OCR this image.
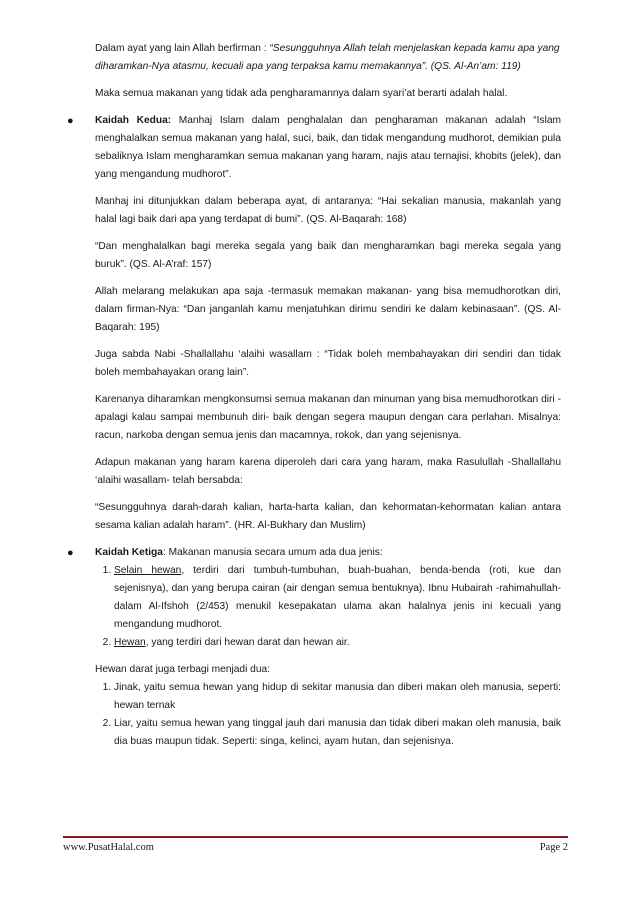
Dalam ayat yang lain Allah berfirman : “Sesungguhnya Allah telah menjelaskan kepada kamu apa yang diharamkan-Nya atasmu, kecuali apa yang terpaksa kamu memakannya”. (QS. Al-An’am: 119)

Maka semua makanan yang tidak ada pengharamannya dalam syari’at berarti adalah halal.

● Kaidah Kedua: Manhaj Islam dalam penghalalan dan pengharaman makanan adalah “Islam menghalalkan semua makanan yang halal, suci, baik, dan tidak mengandung mudhorot, demikian pula sebaliknya Islam mengharamkan semua makanan yang haram, najis atau ternajisi, khobits (jelek), dan yang mengandung mudhorot”.

Manhaj ini ditunjukkan dalam beberapa ayat, di antaranya: “Hai sekalian manusia, makanlah yang halal lagi baik dari apa yang terdapat di bumi”. (QS. Al-Baqarah: 168)

“Dan menghalalkan bagi mereka segala yang baik dan mengharamkan bagi mereka segala yang buruk”. (QS. Al-A’raf: 157)

Allah melarang melakukan apa saja -termasuk memakan makanan- yang bisa memudhorotkan diri, dalam firman-Nya: “Dan janganlah kamu menjatuhkan dirimu sendiri ke dalam kebinasaan”. (QS. Al-Baqarah: 195)

Juga sabda Nabi -Shallallahu ‘alaihi wasallam : “Tidak boleh membahayakan diri sendiri dan tidak boleh membahayakan orang lain”.

Karenanya diharamkan mengkonsumsi semua makanan dan minuman yang bisa memudhorotkan diri -apalagi kalau sampai membunuh diri- baik dengan segera maupun dengan cara perlahan. Misalnya: racun, narkoba dengan semua jenis dan macamnya, rokok, dan yang sejenisnya.

Adapun makanan yang haram karena diperoleh dari cara yang haram, maka Rasulullah -Shallallahu ‘alaihi wasallam- telah bersabda:

“Sesungguhnya darah-darah kalian, harta-harta kalian, dan kehormatan-kehormatan kalian antara sesama kalian adalah haram”. (HR. Al-Bukhary dan Muslim)

● Kaidah Ketiga: Makanan manusia secara umum ada dua jenis:
1. Selain hewan, terdiri dari tumbuh-tumbuhan, buah-buahan, benda-benda (roti, kue dan sejenisnya), dan yang berupa cairan (air dengan semua bentuknya). Ibnu Hubairah -rahimahullah- dalam Al-Ifshoh (2/453) menukil kesepakatan ulama akan halalnya jenis ini kecuali yang mengandung mudhorot.
2. Hewan, yang terdiri dari hewan darat dan hewan air.

Hewan darat juga terbagi menjadi dua:

1. Jinak, yaitu semua hewan yang hidup di sekitar manusia dan diberi makan oleh manusia, seperti: hewan ternak
2. Liar, yaitu semua hewan yang tinggal jauh dari manusia dan tidak diberi makan oleh manusia, baik dia buas maupun tidak. Seperti: singa, kelinci, ayam hutan, dan sejenisnya.
www.PusatHalal.com	Page 2
